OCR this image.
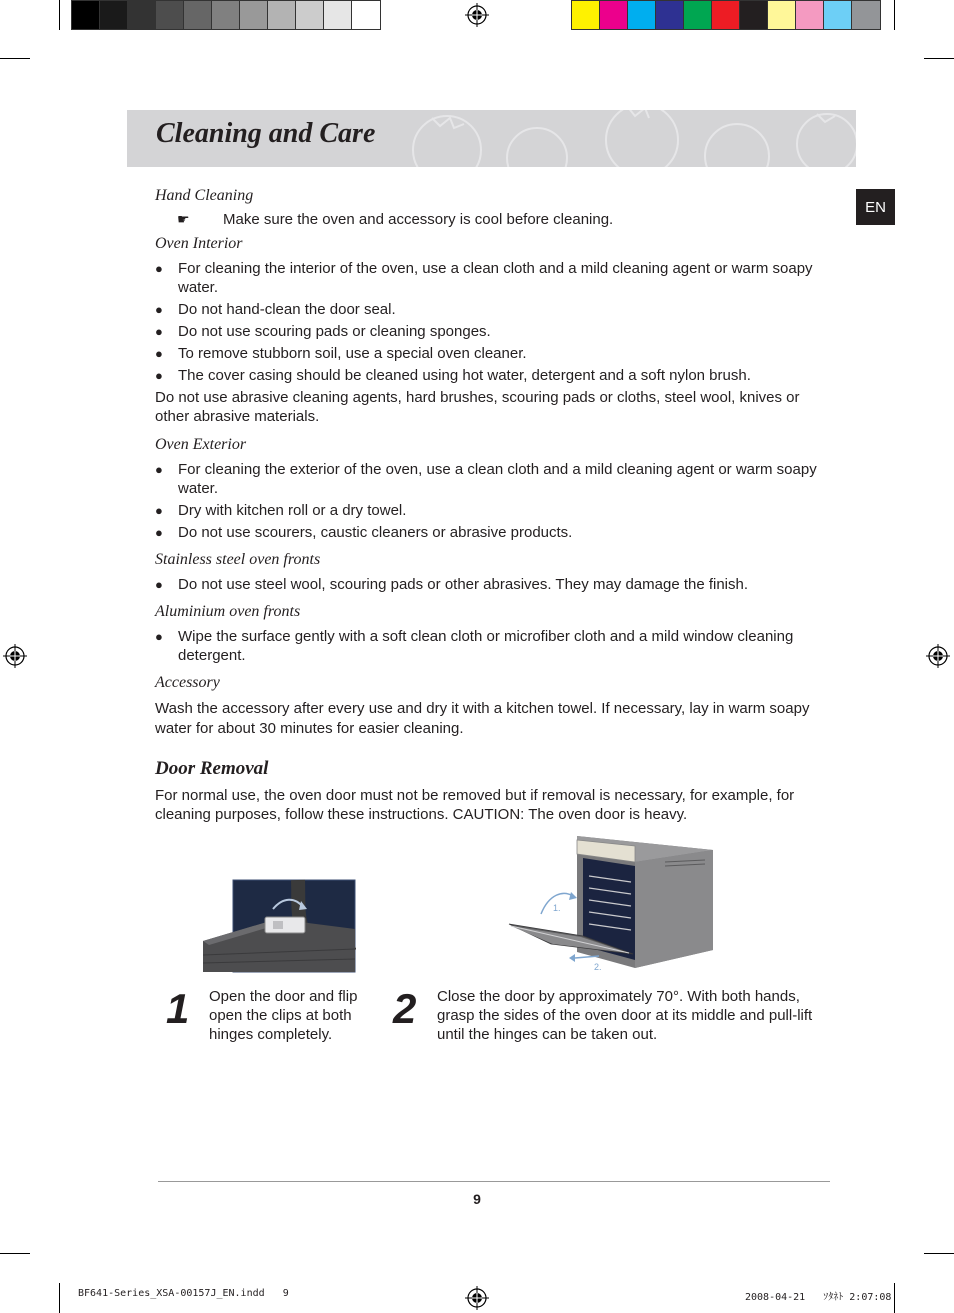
Cleaning and Care
EN

Hand Cleaning

☛	Make sure the oven and accessory is cool before cleaning.

Oven Interior

● For cleaning the interior of the oven, use a clean cloth and a mild cleaning agent or warm soapy water.
● Do not hand-clean the door seal.
● Do not use scouring pads or cleaning sponges.
● To remove stubborn soil, use a special oven cleaner.
● The cover casing should be cleaned using hot water, detergent and a soft nylon brush.

Do not use abrasive cleaning agents, hard brushes, scouring pads or cloths, steel wool, knives or other abrasive materials.

Oven Exterior

● For cleaning the exterior of the oven, use a clean cloth and a mild cleaning agent or warm soapy water.
● Dry with kitchen roll or a dry towel.
● Do not use scourers, caustic cleaners or abrasive products.

Stainless steel oven fronts

● Do not use steel wool, scouring pads or other abrasives. They may damage the finish.

Aluminium oven fronts

● Wipe the surface gently with a soft clean cloth or microfiber cloth and a mild window cleaning detergent.

Accessory

Wash the accessory after every use and dry it with a kitchen towel. If necessary, lay in warm soapy water for about 30 minutes for easier cleaning.

Door Removal

For normal use, the oven door must not be removed but if removal is necessary, for example, for cleaning purposes, follow these instructions. CAUTION: The oven door is heavy.

1.
2.
1 Open the door and flip open the clips at both hinges completely.

2 Close the door by approximately 70°. With both hands, grasp the sides of the oven door at its middle and pull-lift until the hinges can be taken out.

9
BF641-Series_XSA-00157J_EN.indd   9	2008-04-21   ｿﾀﾈﾄ 2:07:08
